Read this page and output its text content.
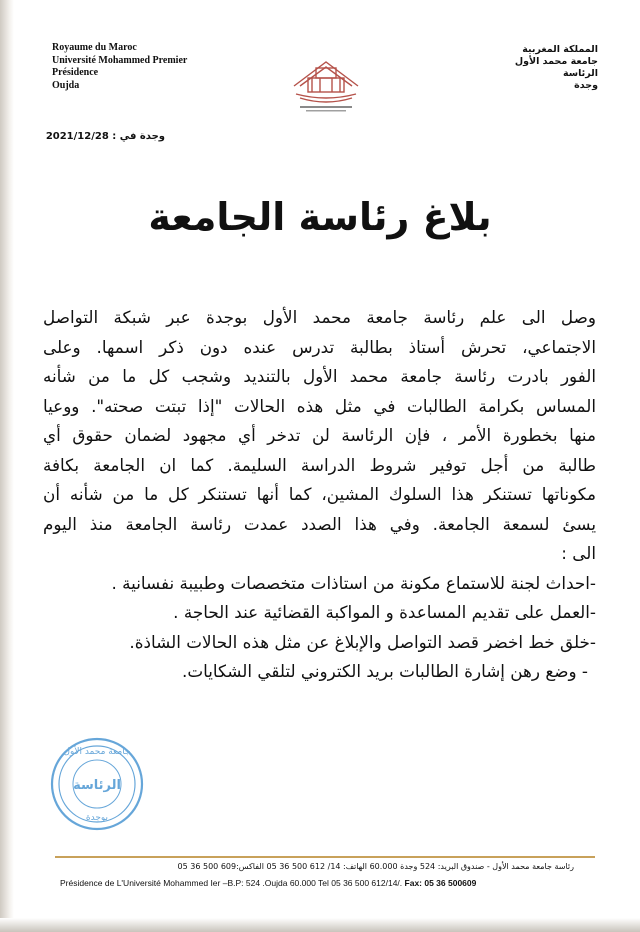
Royaume du Maroc
Université Mohammed Premier
Présidence
Oujda
المملكة المغربية
جامعة محمد الأول
الرئاسة
وجدة
وجدة في : 2021/12/28
بلاغ رئاسة الجامعة
وصل الى علم رئاسة جامعة محمد الأول بوجدة عبر شبكة التواصل
الاجتماعي، تحرش أستاذ بطالبة تدرس عنده دون ذكر اسمها. وعلى
الفور بادرت رئاسة جامعة محمد الأول بالتنديد وشجب كل ما من شأنه
المساس بكرامة الطالبات في مثل هذه الحالات "إذا تبتت صحته". ووعيا
منها بخطورة الأمر ، فإن الرئاسة لن تدخر أي مجهود لضمان حقوق أي
طالبة من أجل توفير شروط الدراسة السليمة. كما ان الجامعة بكافة
مكوناتها تستنكر هذا السلوك المشين، كما أنها تستنكر كل ما من شأنه أن
يسئ لسمعة الجامعة. وفي هذا الصدد عمدت رئاسة الجامعة منذ اليوم
الى :
-احداث لجنة للاستماع مكونة من استاذات متخصصات وطبيبة نفسانية .
-العمل على تقديم المساعدة و المواكبة القضائية عند الحاجة .
-خلق خط اخضر قصد التواصل والإبلاغ عن مثل هذه الحالات الشاذة.
- وضع رهن إشارة الطالبات بريد الكتروني لتلقي الشكايات.
جامعة محمد الأول
الرئاسة
بوجدة
رئاسة جامعة محمد الأول - صندوق البريد: 524 وجدة 60.000 الهاتف: 14/ 612 500 36 05 الفاكس:609 500 36 05
Présidence de L'Université Mohammed Ier –B.P: 524 .Oujda 60.000 Tel 05 36 500 612/14/. Fax: 05 36 500609
